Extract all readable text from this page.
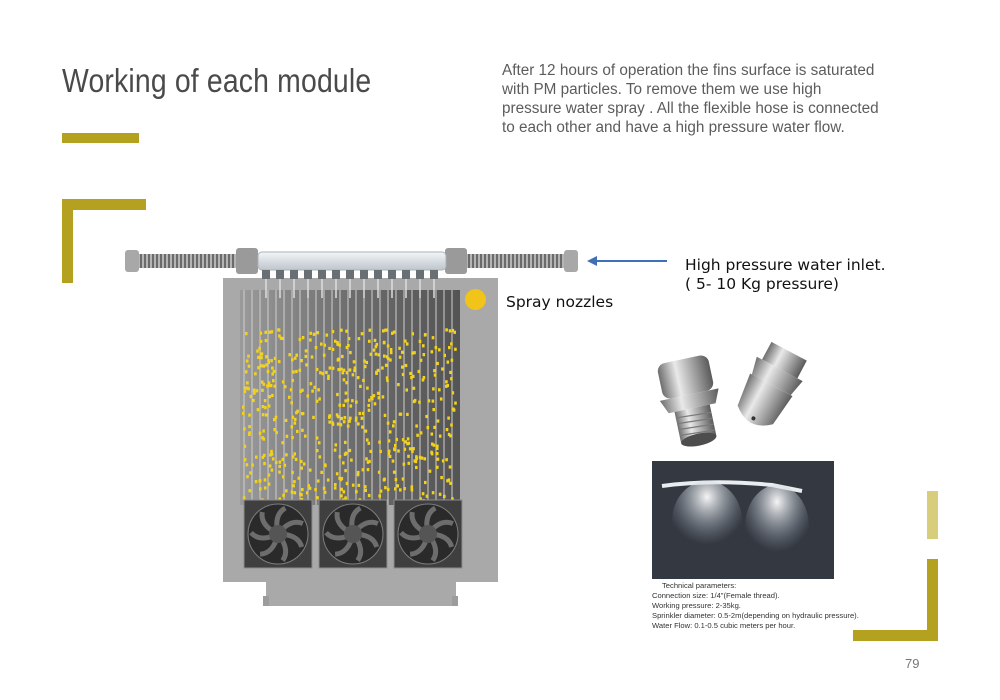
Working of each module	After 12 hours of operation the fins surface is saturated with PM particles. To remove them we use high pressure water spray . All the flexible hose is connected to each other and have a high pressure water flow.
High pressure water inlet.
( 5- 10 Kg pressure)
Spray nozzles
Technical parameters:
Connection size: 1/4"(Female thread).
Working pressure: 2-35kg.
Sprinkler diameter: 0.5-2m(depending on hydraulic pressure).
Water Flow: 0.1-0.5 cubic meters per hour.
79
